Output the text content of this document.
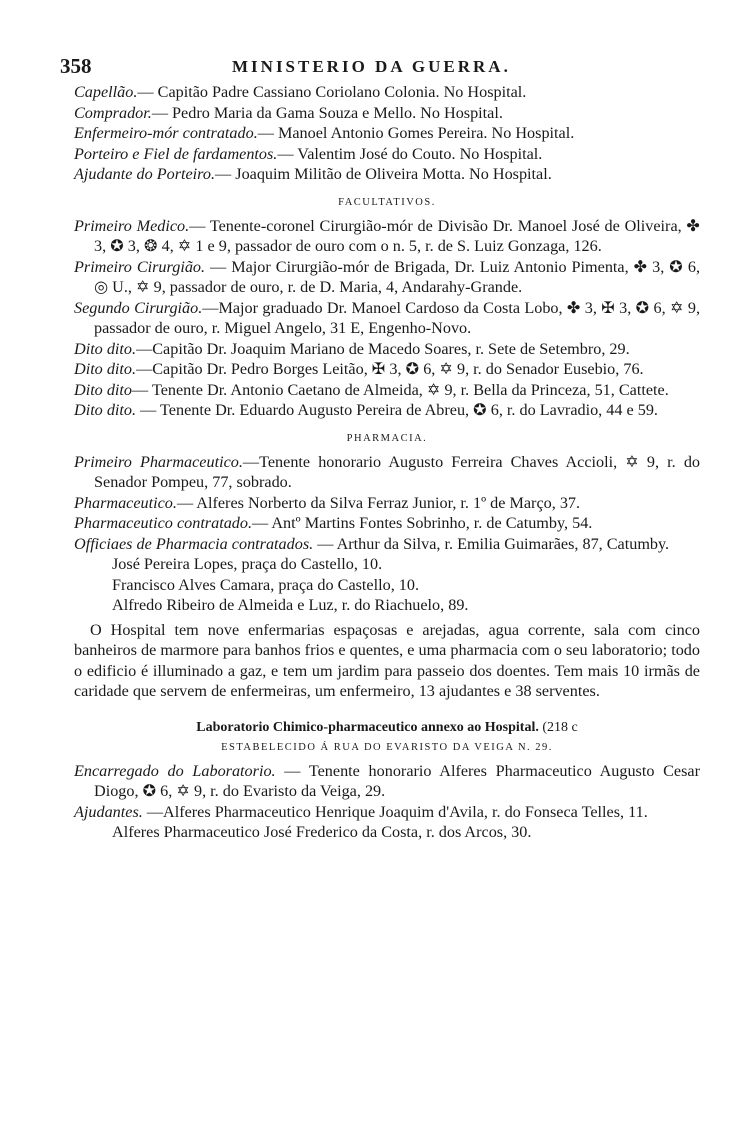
358	MINISTERIO DA GUERRA.

Capellão.— Capitão Padre Cassiano Coriolano Colonia. No Hospital.

Comprador.— Pedro Maria da Gama Souza e Mello. No Hospital.

Enfermeiro-mór contratado.— Manoel Antonio Gomes Pereira. No Hospital.

Porteiro e Fiel de fardamentos.— Valentim José do Couto. No Hospital.

Ajudante do Porteiro.— Joaquim Militão de Oliveira Motta. No Hospital.

FACULTATIVOS.

Primeiro Medico.— Tenente-coronel Cirurgião-mór de Divisão Dr. Manoel José de Oliveira, ✤ 3, ✪ 3, ❂ 4, ✡ 1 e 9, passador de ouro com o n. 5, r. de S. Luiz Gonzaga, 126.

Primeiro Cirurgião. — Major Cirurgião-mór de Brigada, Dr. Luiz Antonio Pimenta, ✤ 3, ✪ 6, ◎ U., ✡ 9, passador de ouro, r. de D. Maria, 4, Andarahy-Grande.

Segundo Cirurgião.—Major graduado Dr. Manoel Cardoso da Costa Lobo, ✤ 3, ✠ 3, ✪ 6, ✡ 9, passador de ouro, r. Miguel Angelo, 31 E, Engenho-Novo.

Dito dito.—Capitão Dr. Joaquim Mariano de Macedo Soares, r. Sete de Setembro, 29.

Dito dito.—Capitão Dr. Pedro Borges Leitão, ✠ 3, ✪ 6, ✡ 9, r. do Senador Eusebio, 76.

Dito dito— Tenente Dr. Antonio Caetano de Almeida, ✡ 9, r. Bella da Princeza, 51, Cattete.

Dito dito. — Tenente Dr. Eduardo Augusto Pereira de Abreu, ✪ 6, r. do Lavradio, 44 e 59.

PHARMACIA.

Primeiro Pharmaceutico.—Tenente honorario Augusto Ferreira Chaves Accioli, ✡ 9, r. do Senador Pompeu, 77, sobrado.

Pharmaceutico.— Alferes Norberto da Silva Ferraz Junior, r. 1º de Março, 37.

Pharmaceutico contratado.— Antº Martins Fontes Sobrinho, r. de Catumby, 54.

Officiaes de Pharmacia contratados. — Arthur da Silva, r. Emilia Guimarães, 87, Catumby.

José Pereira Lopes, praça do Castello, 10.

Francisco Alves Camara, praça do Castello, 10.

Alfredo Ribeiro de Almeida e Luz, r. do Riachuelo, 89.

O Hospital tem nove enfermarias espaçosas e arejadas, agua corrente, sala com cinco banheiros de marmore para banhos frios e quentes, e uma pharmacia com o seu laboratorio; todo o edificio é illuminado a gaz, e tem um jardim para passeio dos doentes. Tem mais 10 irmãs de caridade que servem de enfermeiras, um enfermeiro, 13 ajudantes e 38 serventes.

Laboratorio Chimico-pharmaceutico annexo ao Hospital. (218 c
ESTABELECIDO Á RUA DO EVARISTO DA VEIGA N. 29.

Encarregado do Laboratorio. — Tenente honorario Alferes Pharmaceutico Augusto Cesar Diogo, ✪ 6, ✡ 9, r. do Evaristo da Veiga, 29.

Ajudantes. —Alferes Pharmaceutico Henrique Joaquim d'Avila, r. do Fonseca Telles, 11.

Alferes Pharmaceutico José Frederico da Costa, r. dos Arcos, 30.
